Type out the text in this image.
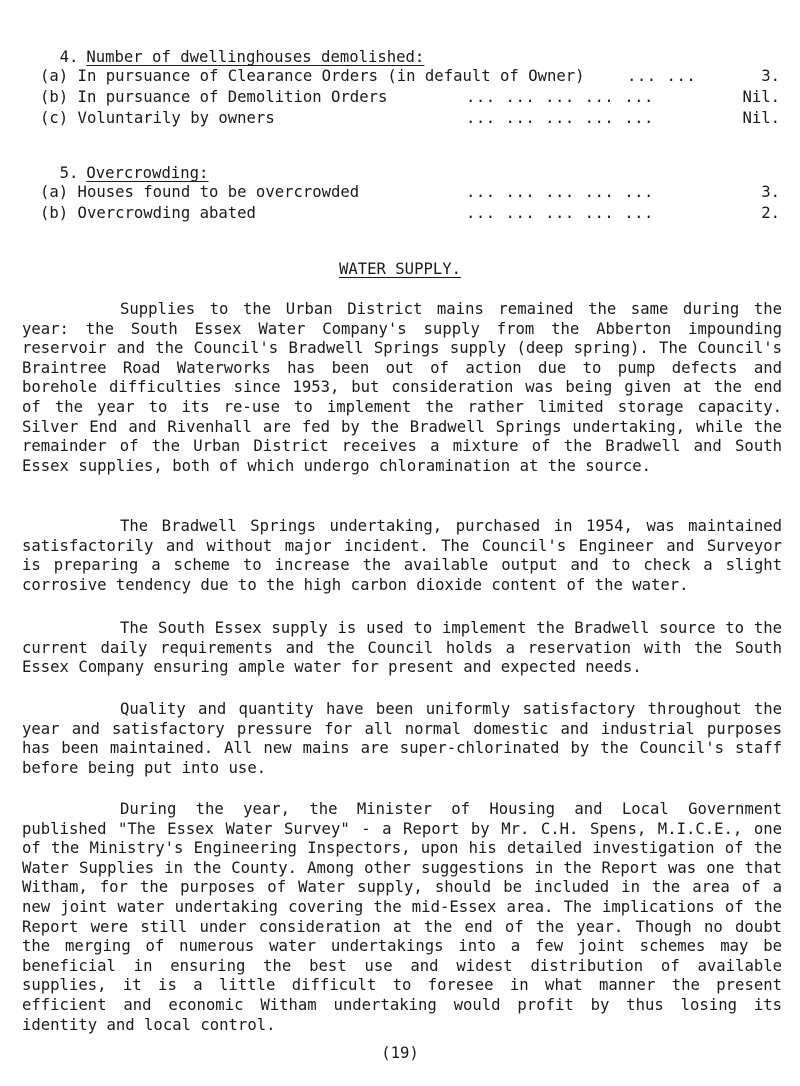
4. Number of dwellinghouses demolished:

(a) In pursuance of Clearance Orders (in default of Owner)	... ...	3.
(b) In pursuance of Demolition Orders	... ... ... ... ...	Nil.
(c) Voluntarily by owners	... ... ... ... ...	Nil.

5. Overcrowding:

(a) Houses found to be overcrowded	... ... ... ... ...	3.
(b) Overcrowding abated	... ... ... ... ...	2.
WATER SUPPLY.

Supplies to the Urban District mains remained the same during the year: the South Essex Water Company's supply from the Abberton impounding reservoir and the Council's Bradwell Springs supply (deep spring). The Council's Braintree Road Waterworks has been out of action due to pump defects and borehole difficulties since 1953, but consideration was being given at the end of the year to its re-use to implement the rather limited storage capacity. Silver End and Rivenhall are fed by the Bradwell Springs undertaking, while the remainder of the Urban District receives a mixture of the Bradwell and South Essex supplies, both of which undergo chloramination at the source.

The Bradwell Springs undertaking, purchased in 1954, was maintained satisfactorily and without major incident. The Council's Engineer and Surveyor is preparing a scheme to increase the available output and to check a slight corrosive tendency due to the high carbon dioxide content of the water.

The South Essex supply is used to implement the Bradwell source to the current daily requirements and the Council holds a reservation with the South Essex Company ensuring ample water for present and expected needs.

Quality and quantity have been uniformly satisfactory throughout the year and satisfactory pressure for all normal domestic and industrial purposes has been maintained. All new mains are super-chlorinated by the Council's staff before being put into use.

During the year, the Minister of Housing and Local Government published "The Essex Water Survey" - a Report by Mr. C.H. Spens, M.I.C.E., one of the Ministry's Engineering Inspectors, upon his detailed investigation of the Water Supplies in the County. Among other suggestions in the Report was one that Witham, for the purposes of Water supply, should be included in the area of a new joint water undertaking covering the mid-Essex area. The implications of the Report were still under consideration at the end of the year. Though no doubt the merging of numerous water undertakings into a few joint schemes may be beneficial in ensuring the best use and widest distribution of available supplies, it is a little difficult to foresee in what manner the present efficient and economic Witham undertaking would profit by thus losing its identity and local control.

(19)
